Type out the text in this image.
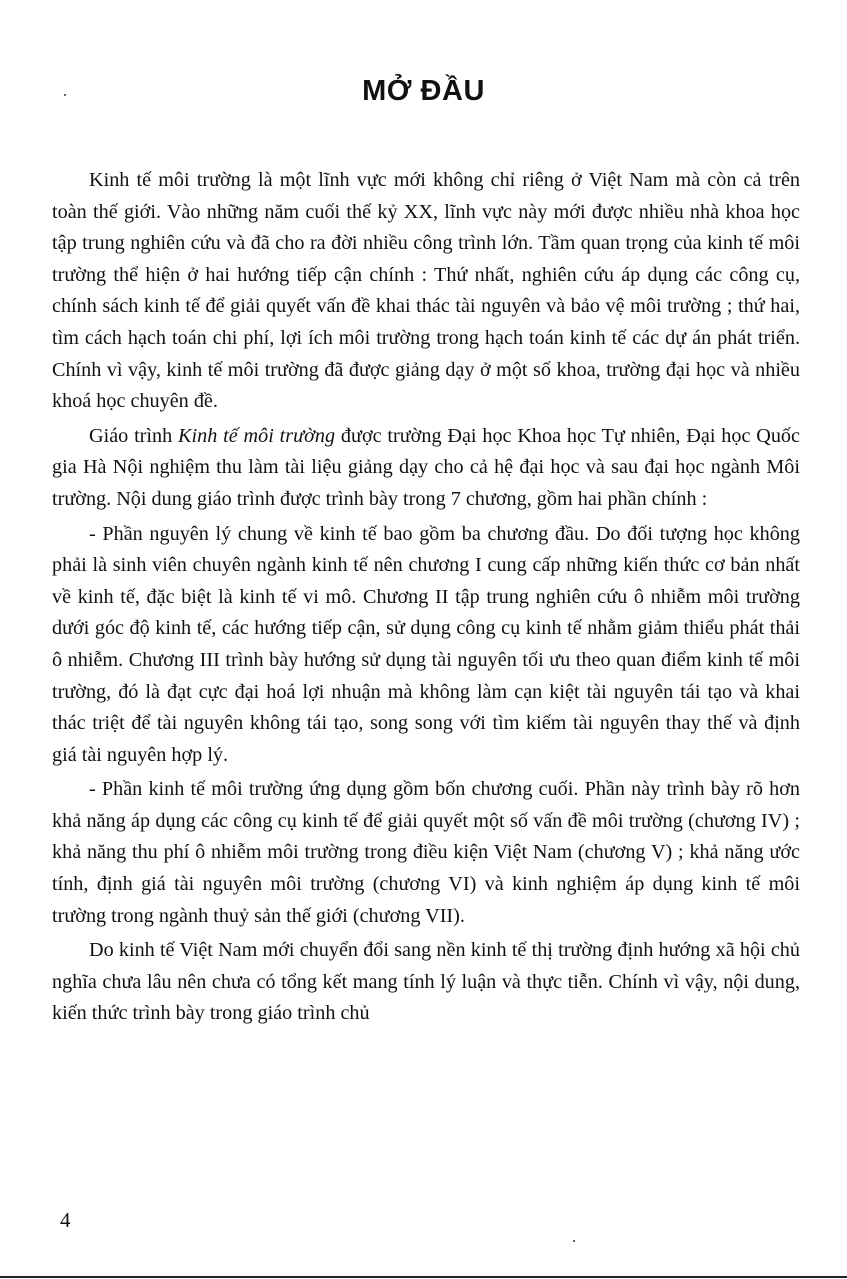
MỞ ĐẦU

Kinh tế môi trường là một lĩnh vực mới không chỉ riêng ở Việt Nam mà còn cả trên toàn thế giới. Vào những năm cuối thế kỷ XX, lĩnh vực này mới được nhiều nhà khoa học tập trung nghiên cứu và đã cho ra đời nhiều công trình lớn. Tầm quan trọng của kinh tế môi trường thể hiện ở hai hướng tiếp cận chính : Thứ nhất, nghiên cứu áp dụng các công cụ, chính sách kinh tế để giải quyết vấn đề khai thác tài nguyên và bảo vệ môi trường ; thứ hai, tìm cách hạch toán chi phí, lợi ích môi trường trong hạch toán kinh tế các dự án phát triển. Chính vì vậy, kinh tế môi trường đã được giảng dạy ở một số khoa, trường đại học và nhiều khoá học chuyên đề.

Giáo trình Kinh tế môi trường được trường Đại học Khoa học Tự nhiên, Đại học Quốc gia Hà Nội nghiệm thu làm tài liệu giảng dạy cho cả hệ đại học và sau đại học ngành Môi trường. Nội dung giáo trình được trình bày trong 7 chương, gồm hai phần chính :

- Phần nguyên lý chung về kinh tế bao gồm ba chương đầu. Do đối tượng học không phải là sinh viên chuyên ngành kinh tế nên chương I cung cấp những kiến thức cơ bản nhất về kinh tế, đặc biệt là kinh tế vi mô. Chương II tập trung nghiên cứu ô nhiễm môi trường dưới góc độ kinh tế, các hướng tiếp cận, sử dụng công cụ kinh tế nhằm giảm thiểu phát thải ô nhiễm. Chương III trình bày hướng sử dụng tài nguyên tối ưu theo quan điểm kinh tế môi trường, đó là đạt cực đại hoá lợi nhuận mà không làm cạn kiệt tài nguyên tái tạo và khai thác triệt để tài nguyên không tái tạo, song song với tìm kiếm tài nguyên thay thế và định giá tài nguyên hợp lý.

- Phần kinh tế môi trường ứng dụng gồm bốn chương cuối. Phần này trình bày rõ hơn khả năng áp dụng các công cụ kinh tế để giải quyết một số vấn đề môi trường (chương IV) ; khả năng thu phí ô nhiễm môi trường trong điều kiện Việt Nam (chương V) ; khả năng ước tính, định giá tài nguyên môi trường (chương VI) và kinh nghiệm áp dụng kinh tế môi trường trong ngành thuỷ sản thế giới (chương VII).

Do kinh tế Việt Nam mới chuyển đổi sang nền kinh tế thị trường định hướng xã hội chủ nghĩa chưa lâu nên chưa có tổng kết mang tính lý luận và thực tiễn. Chính vì vậy, nội dung, kiến thức trình bày trong giáo trình chủ

4
